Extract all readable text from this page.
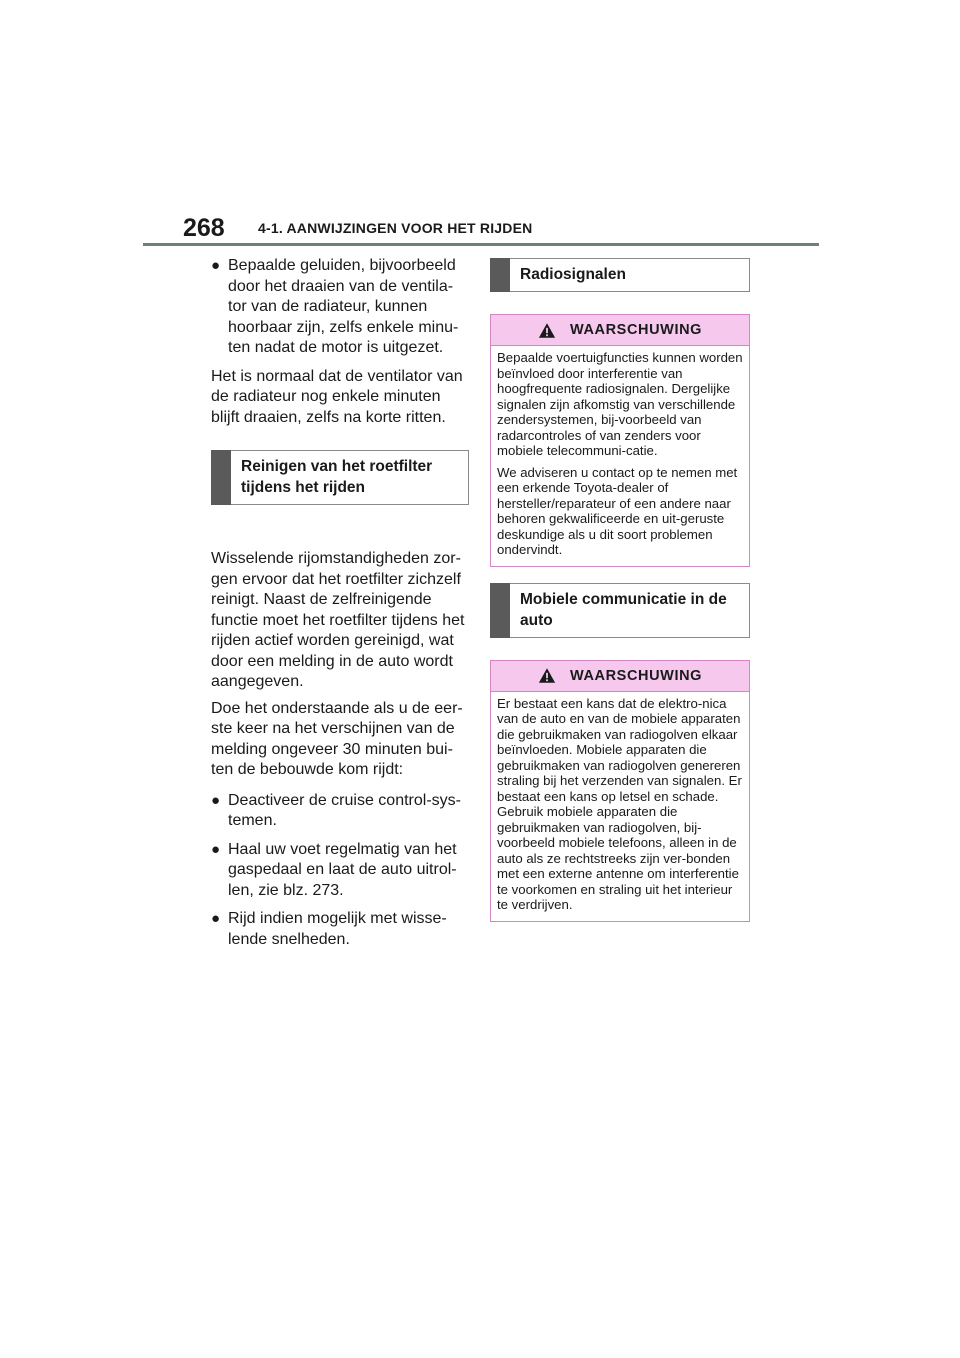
268 4-1. AANWIJZINGEN VOOR HET RIJDEN
● Bepaalde geluiden, bijvoorbeeld door het draaien van de ventila-tor van de radiateur, kunnen hoorbaar zijn, zelfs enkele minu-ten nadat de motor is uitgezet.

Het is normaal dat de ventilator van de radiateur nog enkele minuten blijft draaien, zelfs na korte ritten.

Reinigen van het roetfilter tijdens het rijden

Wisselende rijomstandigheden zor-gen ervoor dat het roetfilter zichzelf reinigt. Naast de zelfreinigende functie moet het roetfilter tijdens het rijden actief worden gereinigd, wat door een melding in de auto wordt aangegeven.

Doe het onderstaande als u de eer-ste keer na het verschijnen van de melding ongeveer 30 minuten bui-ten de bebouwde kom rijdt:

● Deactiveer de cruise control-sys-temen.
● Haal uw voet regelmatig van het gaspedaal en laat de auto uitrol-len, zie blz. 273.
● Rijd indien mogelijk met wisse-lende snelheden.
Radiosignalen
WAARSCHUWING

Bepaalde voertuigfuncties kunnen worden beïnvloed door interferentie van hoogfrequente radiosignalen. Dergelijke signalen zijn afkomstig van verschillende zendersystemen, bij-voorbeeld van radarcontroles of van zenders voor mobiele telecommuni-catie.

We adviseren u contact op te nemen met een erkende Toyota-dealer of hersteller/reparateur of een andere naar behoren gekwalificeerde en uit-geruste deskundige als u dit soort problemen ondervindt.

Mobiele communicatie in de auto
WAARSCHUWING

Er bestaat een kans dat de elektro-nica van de auto en van de mobiele apparaten die gebruikmaken van radiogolven elkaar beïnvloeden. Mobiele apparaten die gebruikmaken van radiogolven genereren straling bij het verzenden van signalen. Er bestaat een kans op letsel en schade. Gebruik mobiele apparaten die gebruikmaken van radiogolven, bij-voorbeeld mobiele telefoons, alleen in de auto als ze rechtstreeks zijn ver-bonden met een externe antenne om interferentie te voorkomen en straling uit het interieur te verdrijven.
